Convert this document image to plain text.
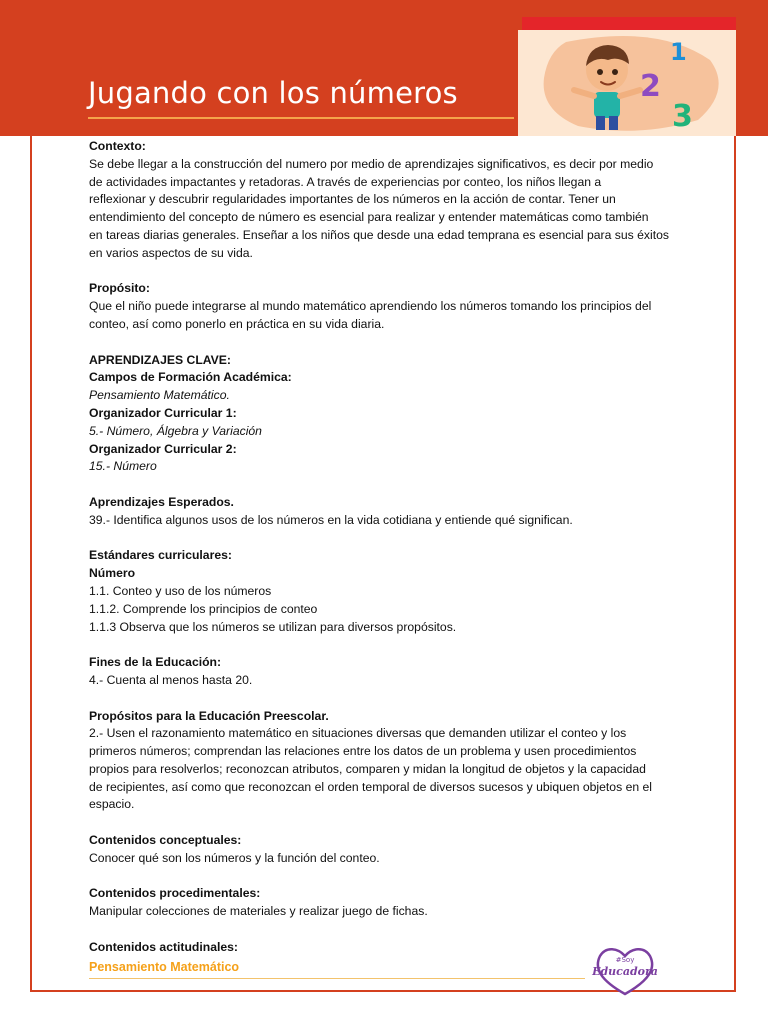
Jugando con los números
1
2
3

Contexto:

Se debe llegar a la construcción del numero por medio de aprendizajes significativos, es decir por medio

de actividades impactantes y retadoras. A través de experiencias por conteo, los niños llegan a

reflexionar y descubrir regularidades importantes de los números en la acción de contar. Tener un

entendimiento del concepto de número es esencial para realizar y entender matemáticas como también

en tareas diarias generales. Enseñar a los niños que desde una edad temprana es esencial para sus éxitos

en varios aspectos de su vida.

Propósito:

Que el niño puede integrarse al mundo matemático aprendiendo los números tomando los principios del

conteo, así como ponerlo en práctica en su vida diaria.

APRENDIZAJES CLAVE:

Campos de Formación Académica:

Pensamiento Matemático.

Organizador Curricular 1:

5.- Número, Álgebra y Variación

Organizador Curricular 2:

15.- Número

Aprendizajes Esperados.

39.- Identifica algunos usos de los números en la vida cotidiana y entiende qué significan.

Estándares curriculares:

Número

1.1. Conteo y uso de los números

1.1.2. Comprende los principios de conteo

1.1.3 Observa que los números se utilizan para diversos propósitos.

Fines de la Educación:

4.- Cuenta al menos hasta 20.

Propósitos para la Educación Preescolar.

2.- Usen el razonamiento matemático en situaciones diversas que demanden utilizar el conteo y los

primeros números; comprendan las relaciones entre los datos de un problema y usen procedimientos

propios para resolverlos; reconozcan atributos, comparen y midan la longitud de objetos y la capacidad

de recipientes, así como que reconozcan el orden temporal de diversos sucesos y ubiquen objetos en el

espacio.

Contenidos conceptuales:

Conocer qué son los números y la función del conteo.

Contenidos procedimentales:

Manipular colecciones de materiales y realizar juego de fichas.

Contenidos actitudinales:

Pensamiento Matemático	#Soy
Educadora
